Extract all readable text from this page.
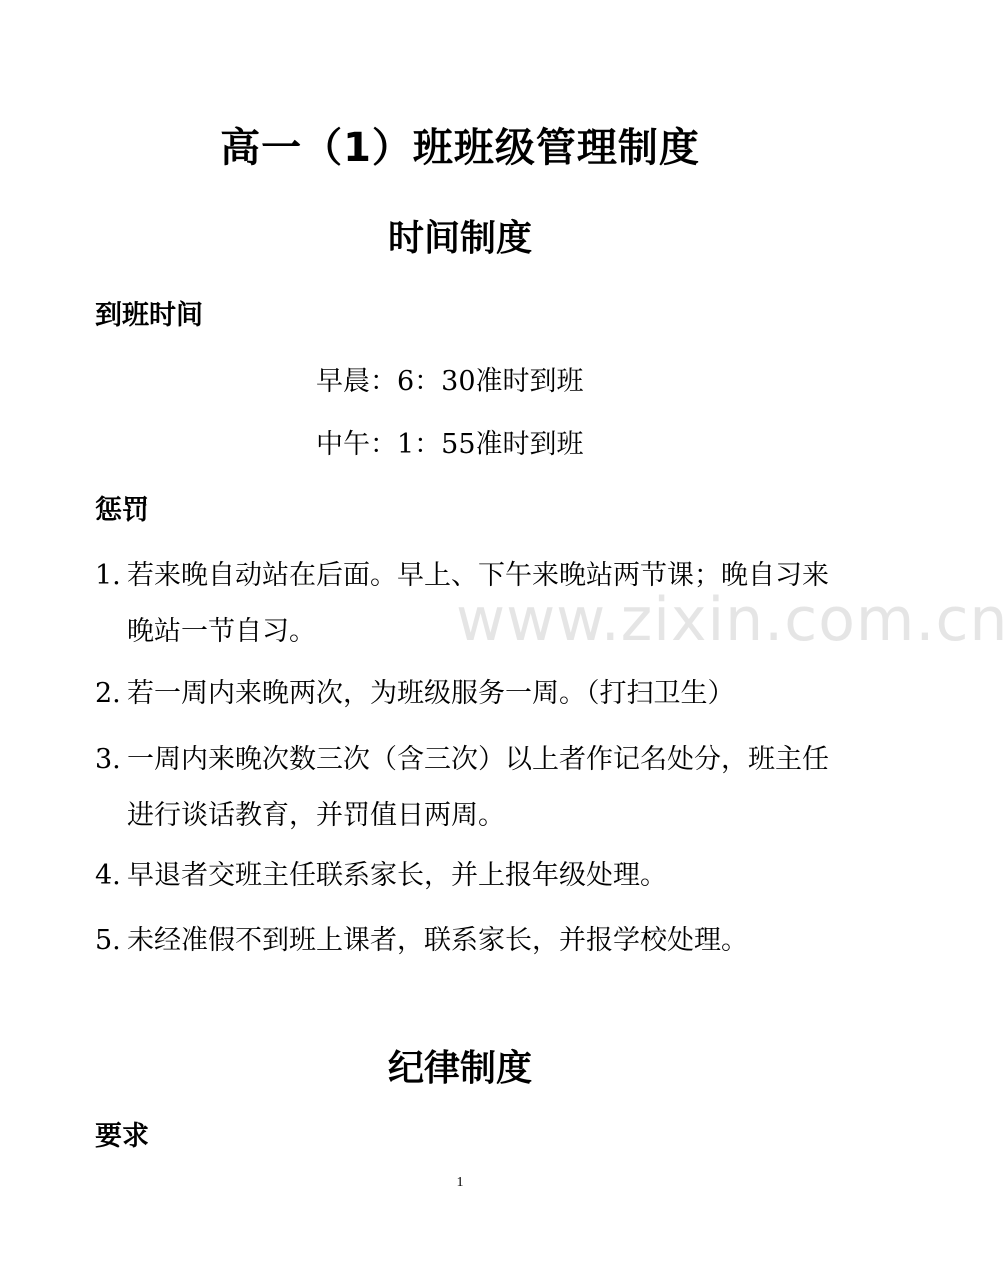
高一（1）班班级管理制度
时间制度
到班时间
早晨：6：30准时到班
中午：1：55准时到班
惩罚
1. 若来晚自动站在后面。早上、下午来晚站两节课；晚自习来晚站一节自习。
2. 若一周内来晚两次，为班级服务一周。（打扫卫生）
3. 一周内来晚次数三次（含三次）以上者作记名处分，班主任进行谈话教育，并罚值日两周。
4. 早退者交班主任联系家长，并上报年级处理。
5. 未经准假不到班上课者，联系家长，并报学校处理。
纪律制度
要求
www.zixin.com.cn
1
